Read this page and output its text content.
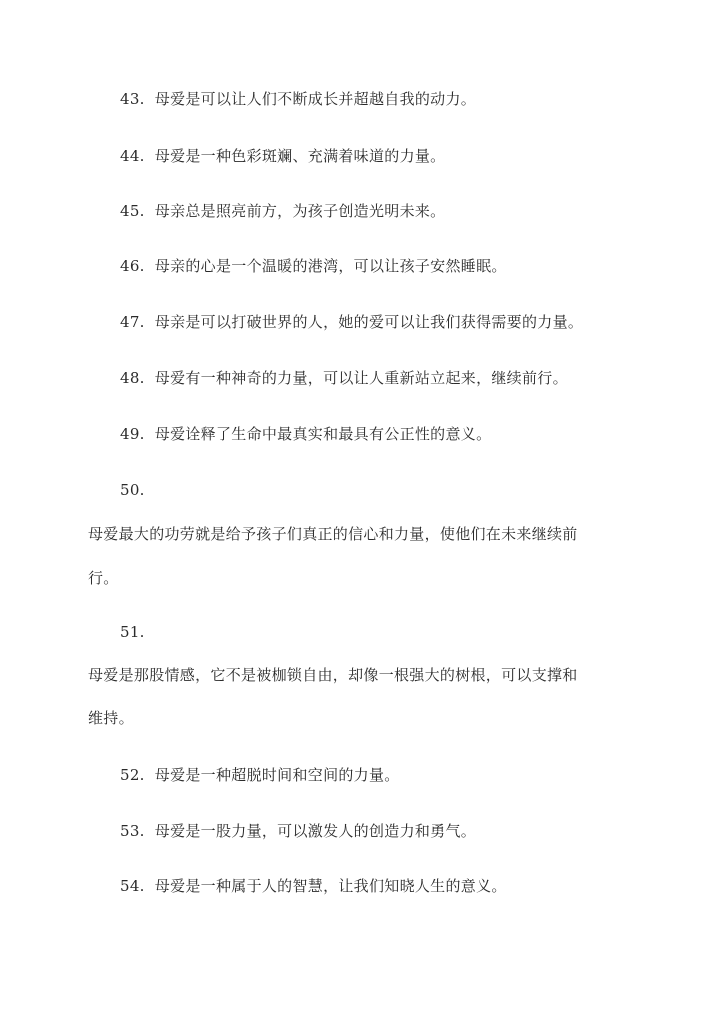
43. 母爱是可以让人们不断成长并超越自我的动力。
44. 母爱是一种色彩斑斓、充满着味道的力量。
45. 母亲总是照亮前方，为孩子创造光明未来。
46. 母亲的心是一个温暖的港湾，可以让孩子安然睡眠。
47. 母亲是可以打破世界的人，她的爱可以让我们获得需要的力量。
48. 母爱有一种神奇的力量，可以让人重新站立起来，继续前行。
49. 母爱诠释了生命中最真实和最具有公正性的意义。
50.
母爱最大的功劳就是给予孩子们真正的信心和力量，使他们在未来继续前
行。
51.
母爱是那股情感，它不是被枷锁自由，却像一根强大的树根，可以支撑和
维持。
52. 母爱是一种超脱时间和空间的力量。
53. 母爱是一股力量，可以激发人的创造力和勇气。
54. 母爱是一种属于人的智慧，让我们知晓人生的意义。
